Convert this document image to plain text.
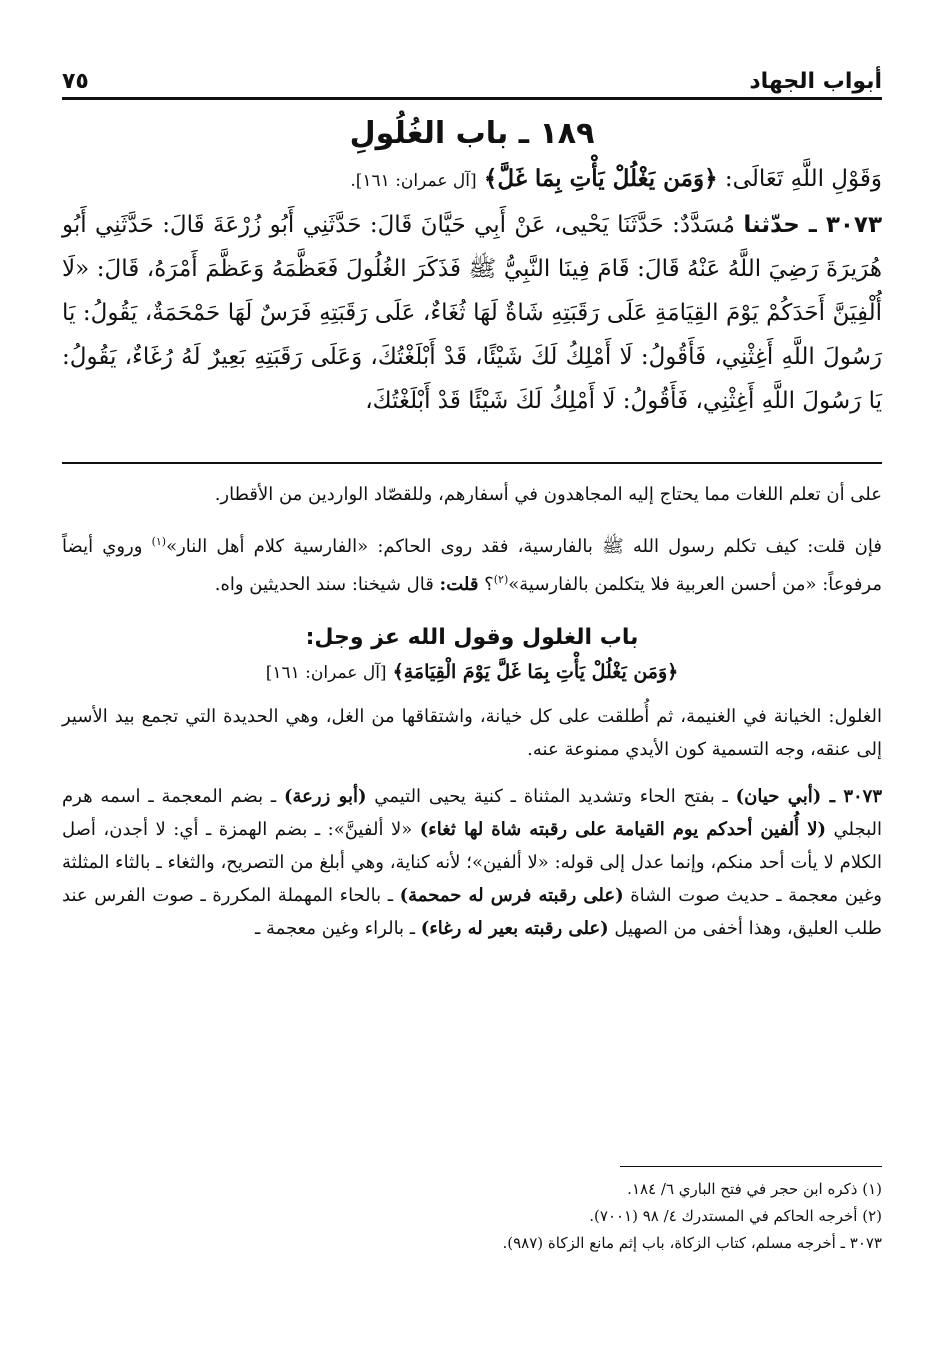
٧٥	أبواب الجهاد
١٨٩ ـ باب الغُلُولِ
وَقَوْلِ اللَّهِ تَعَالَى: ﴿وَمَن يَغْلُلْ يَأْتِ بِمَا غَلَّ﴾ [آل عمران: ١٦١].
٣٠٧٣ ـ حدّثنا مُسَدَّدٌ: حَدَّثَنَا يَحْيى، عَنْ أَبِي حَيَّانَ قَالَ: حَدَّثَنِي أَبُو زُرْعَةَ قَالَ: حَدَّثَنِي أَبُو هُرَيرَةَ رَضِيَ اللَّهُ عَنْهُ قَالَ: قَامَ فِينَا النَّبِيُّ ﷺ فَذَكَرَ الغُلُولَ فَعَظَّمَهُ وَعَظَّمَ أَمْرَهُ، قَالَ: «لَا أُلْفِيَنَّ أَحَدَكُمْ يَوْمَ القِيَامَةِ عَلَى رَقَبَتِهِ شَاةٌ لَهَا ثُغَاءٌ، عَلَى رَقَبَتِهِ فَرَسٌ لَهَا حَمْحَمَةٌ، يَقُولُ: يَا رَسُولَ اللَّهِ أَغِثْنِي، فَأَقُولُ: لَا أَمْلِكُ لَكَ شَيْئًا، قَدْ أَبْلَغْتُكَ، وَعَلَى رَقَبَتِهِ بَعِيرٌ لَهُ رُغَاءٌ، يَقُولُ: يَا رَسُولَ اللَّهِ أَغِثْنِي، فَأَقُولُ: لَا أَمْلِكُ لَكَ شَيْئًا قَدْ أَبْلَغْتُكَ،

على أن تعلم اللغات مما يحتاج إليه المجاهدون في أسفارهم، وللقصّاد الواردين من الأقطار.

فإن قلت: كيف تكلم رسول الله ﷺ بالفارسية، فقد روى الحاكم: «الفارسية كلام أهل النار»$^{(١)}$ وروي أيضاً مرفوعاً: «من أحسن العربية فلا يتكلمن بالفارسية»$^{(٢)}$؟ قلت: قال شيخنا: سند الحديثين واه.

باب الغلول وقول الله عز وجل:
﴿وَمَن يَغْلُلْ يَأْتِ بِمَا غَلَّ يَوْمَ الْقِيَامَةِ﴾ [آل عمران: ١٦١]

الغلول: الخيانة في الغنيمة، ثم أُطلقت على كل خيانة، واشتقاقها من الغل، وهي الحديدة التي تجمع بيد الأسير إلى عنقه، وجه التسمية كون الأيدي ممنوعة عنه.

٣٠٧٣ ـ (أبي حيان) ـ بفتح الحاء وتشديد المثناة ـ كنية يحيى التيمي (أبو زرعة) ـ بضم المعجمة ـ اسمه هرم البجلي (لا أُلفين أحدكم يوم القيامة على رقبته شاة لها ثغاء) «لا ألفينَّ»: ـ بضم الهمزة ـ أي: لا أجدن، أصل الكلام لا يأت أحد منكم، وإنما عدل إلى قوله: «لا ألفين»؛ لأنه كناية، وهي أبلغ من التصريح، والثغاء ـ بالثاء المثلثة وغين معجمة ـ حديث صوت الشاة (على رقبته فرس له حمحمة) ـ بالحاء المهملة المكررة ـ صوت الفرس عند طلب العليق، وهذا أخفى من الصهيل (على رقبته بعير له رغاء) ـ بالراء وغين معجمة ـ

(١) ذكره ابن حجر في فتح الباري ٦/ ١٨٤.
(٢) أخرجه الحاكم في المستدرك ٤/ ٩٨ (٧٠٠١).
٣٠٧٣ ـ أخرجه مسلم، كتاب الزكاة، باب إثم مانع الزكاة (٩٨٧).
